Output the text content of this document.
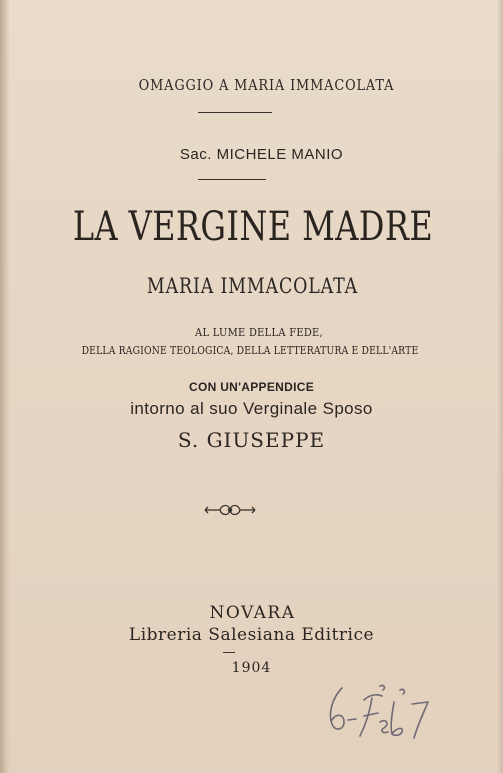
OMAGGIO A MARIA IMMACOLATA
Sac. MICHELE MANIO
LA VERGINE MADRE
MARIA IMMACOLATA
AL LUME DELLA FEDE,
DELLA RAGIONE TEOLOGICA, DELLA LETTERATURA E DELL'ARTE
CON UN'APPENDICE
intorno al suo Verginale Sposo
S. GIUSEPPE
NOVARA
Libreria Salesiana Editrice
1904
